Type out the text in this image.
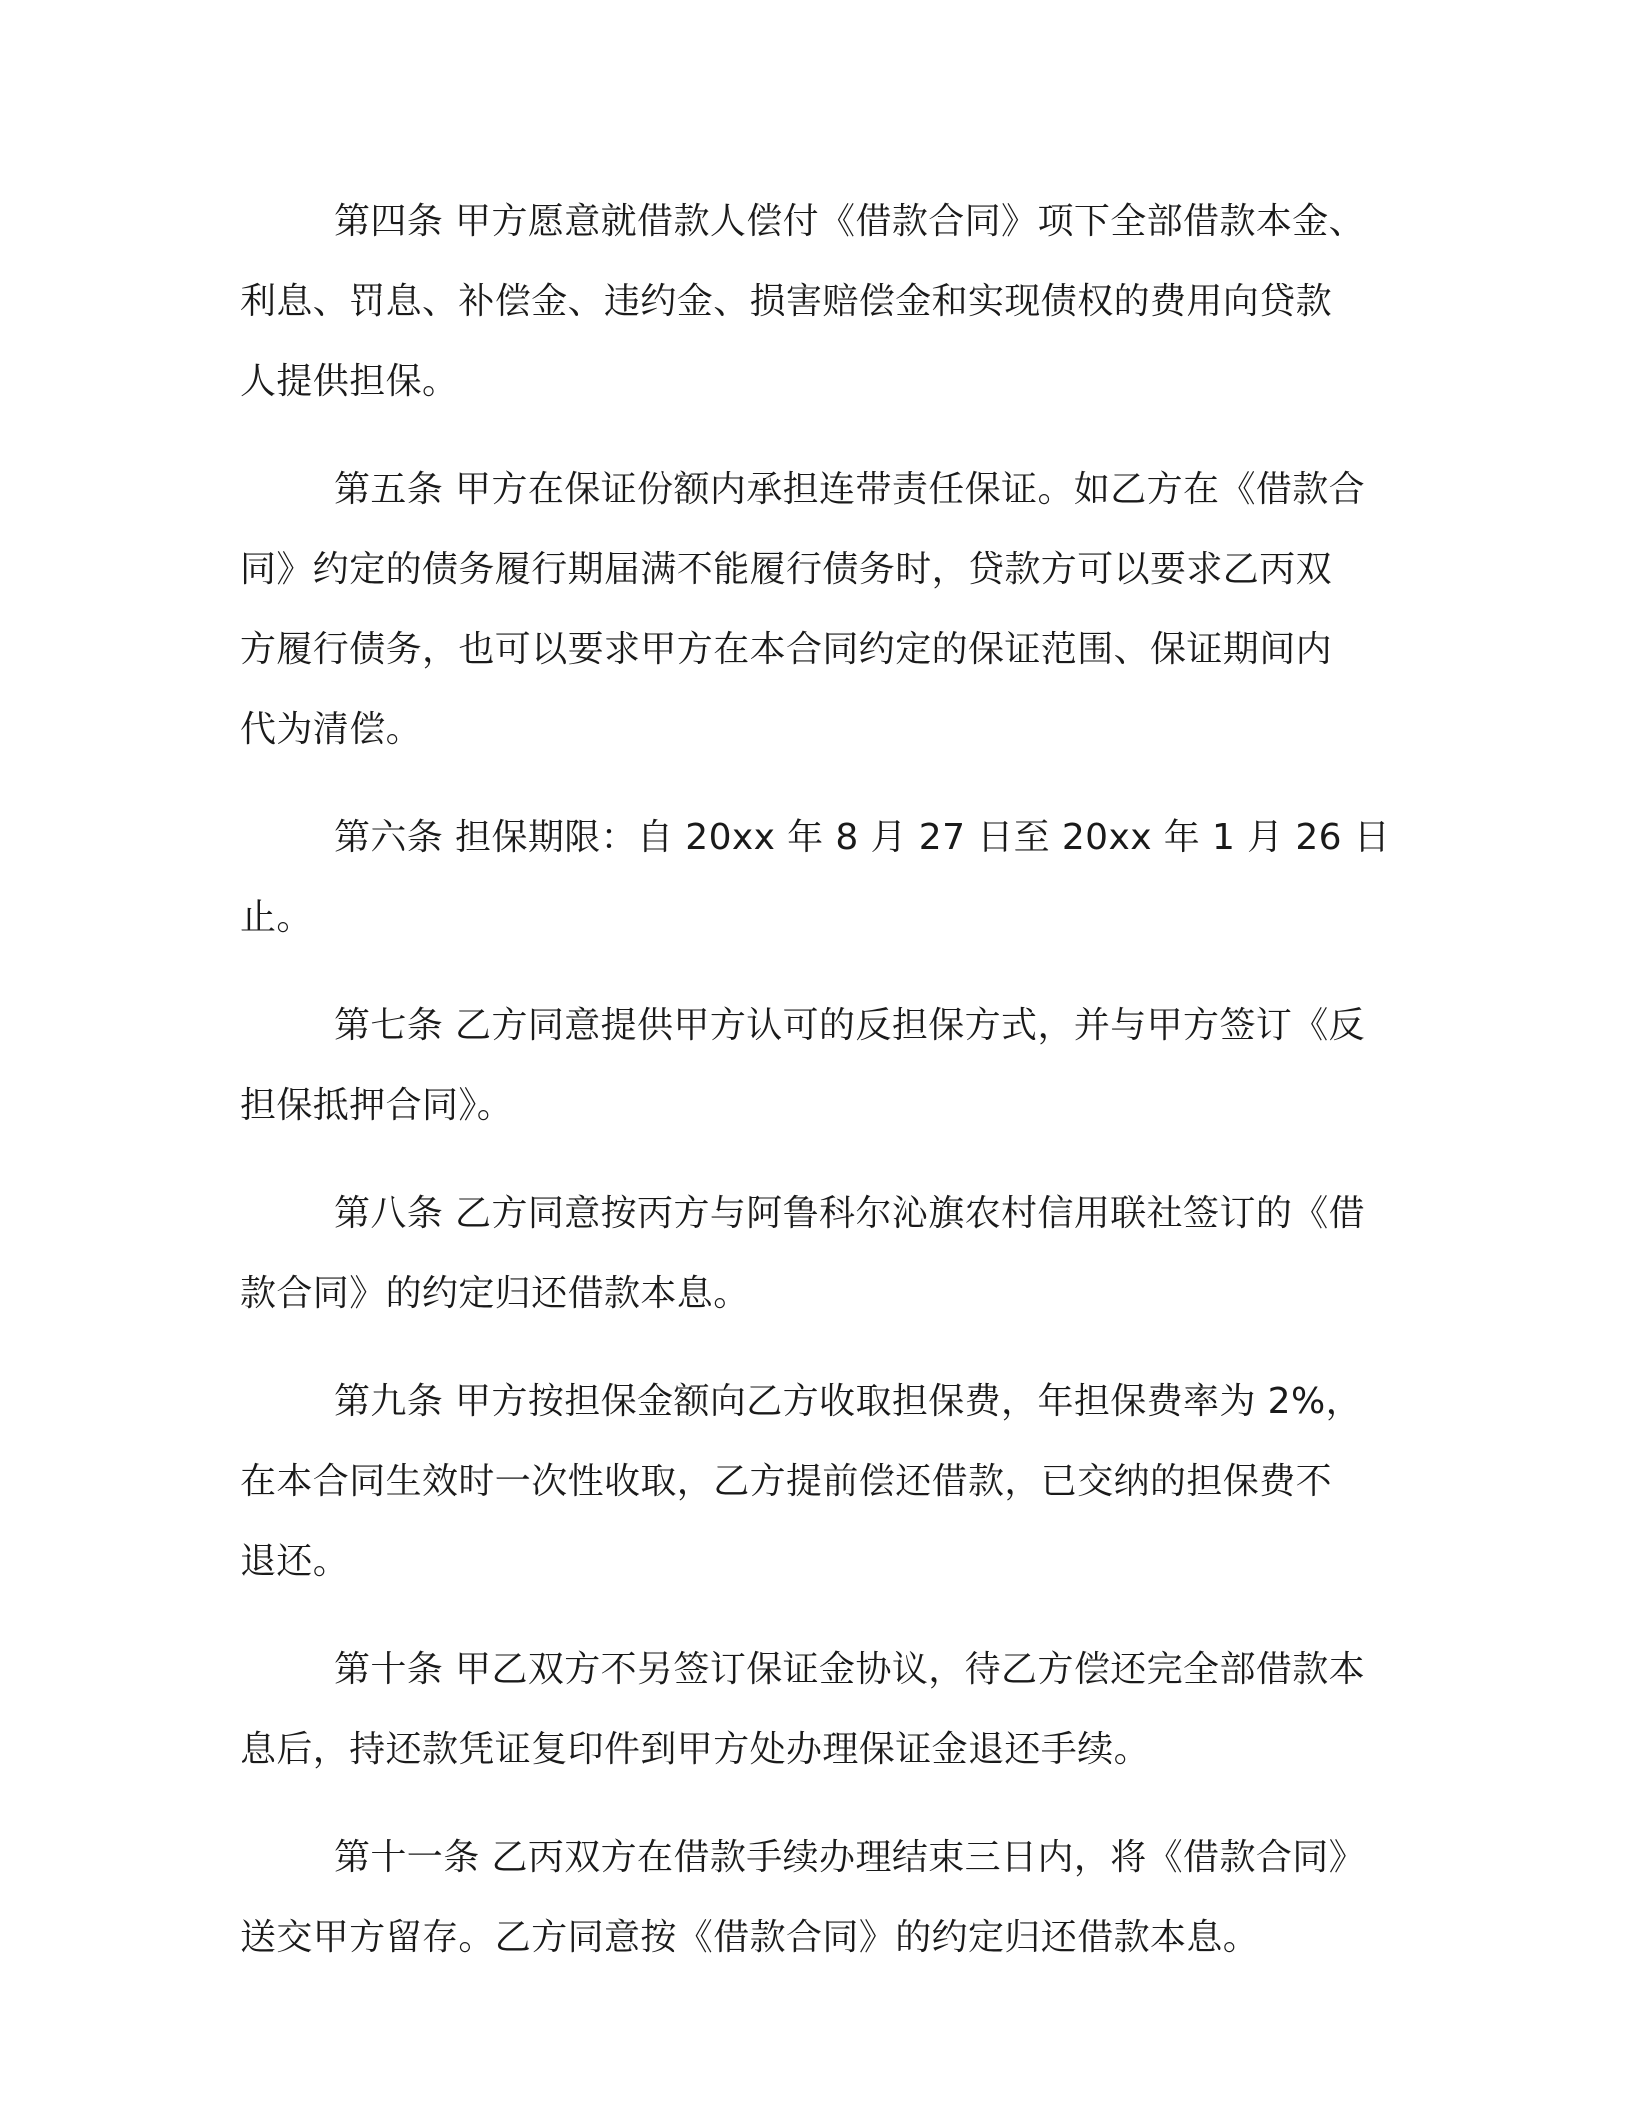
第四条 甲方愿意就借款人偿付《借款合同》项下全部借款本金、
利息、罚息、补偿金、违约金、损害赔偿金和实现债权的费用向贷款
人提供担保。

第五条 甲方在保证份额内承担连带责任保证。如乙方在《借款合
同》约定的债务履行期届满不能履行债务时，贷款方可以要求乙丙双
方履行债务，也可以要求甲方在本合同约定的保证范围、保证期间内
代为清偿。

第六条 担保期限：自 20xx 年 8 月 27 日至 20xx 年 1 月 26 日止。

第七条 乙方同意提供甲方认可的反担保方式，并与甲方签订《反
担保抵押合同》。

第八条 乙方同意按丙方与阿鲁科尔沁旗农村信用联社签订的《借
款合同》的约定归还借款本息。

第九条 甲方按担保金额向乙方收取担保费，年担保费率为 2%，
在本合同生效时一次性收取，乙方提前偿还借款，已交纳的担保费不
退还。

第十条 甲乙双方不另签订保证金协议，待乙方偿还完全部借款本
息后，持还款凭证复印件到甲方处办理保证金退还手续。

第十一条 乙丙双方在借款手续办理结束三日内，将《借款合同》
送交甲方留存。乙方同意按《借款合同》的约定归还借款本息。
